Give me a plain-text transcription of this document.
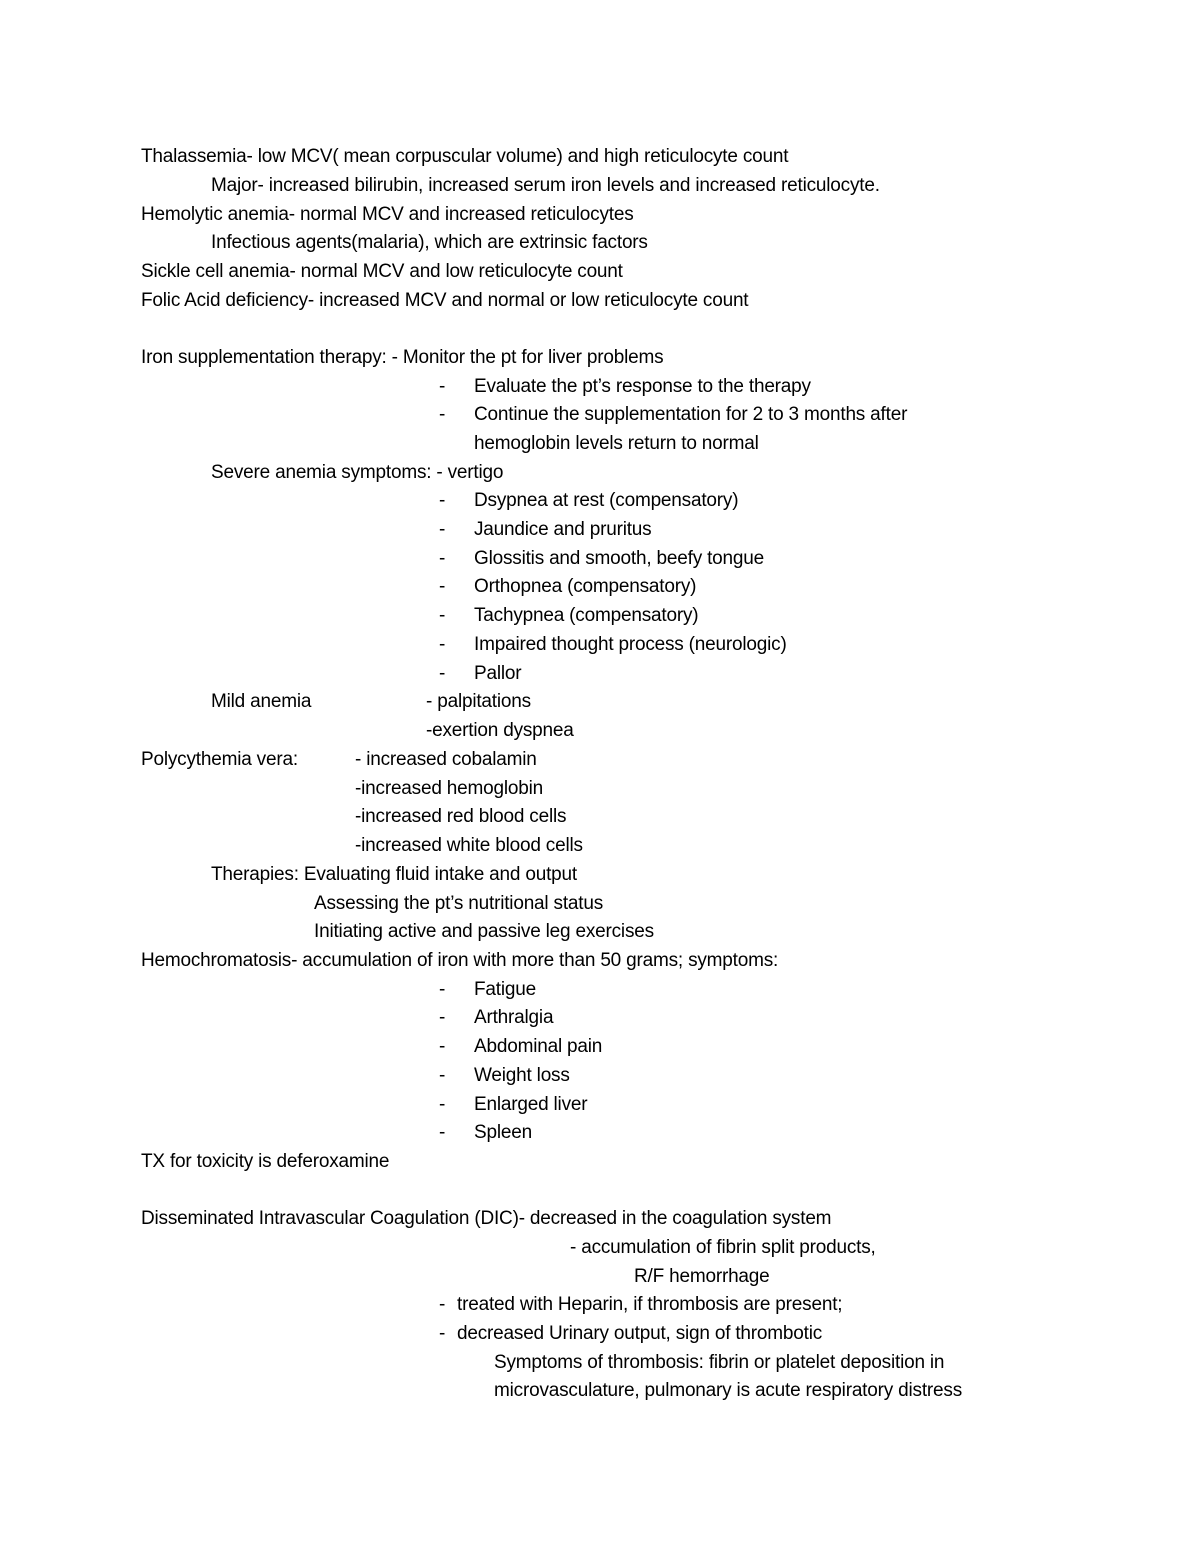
Thalassemia- low MCV( mean corpuscular volume) and high reticulocyte count
Major- increased bilirubin, increased serum iron levels and increased reticulocyte.
Hemolytic anemia- normal MCV and increased reticulocytes
Infectious agents(malaria), which are extrinsic factors
Sickle cell anemia- normal MCV and low reticulocyte count
Folic Acid deficiency- increased MCV and normal or low reticulocyte count
Iron supplementation therapy: - Monitor the pt for liver problems
- Evaluate the pt’s response to the therapy
- Continue the supplementation for 2 to 3 months after
hemoglobin levels return to normal
Severe anemia symptoms: - vertigo
- Dsypnea at rest (compensatory)
- Jaundice and pruritus
- Glossitis and smooth, beefy tongue
- Orthopnea (compensatory)
- Tachypnea (compensatory)
- Impaired thought process (neurologic)
- Pallor
Mild anemia	- palpitations
-exertion dyspnea
Polycythemia vera:	- increased cobalamin
-increased hemoglobin
-increased red blood cells
-increased white blood cells
Therapies: Evaluating fluid intake and output
Assessing the pt’s nutritional status
Initiating active and passive leg exercises
Hemochromatosis- accumulation of iron with more than 50 grams; symptoms:
- Fatigue
- Arthralgia
- Abdominal pain
- Weight loss
- Enlarged liver
- Spleen
TX for toxicity is deferoxamine
Disseminated Intravascular Coagulation (DIC)- decreased in the coagulation system
- accumulation of fibrin split products,
R/F hemorrhage
- treated with Heparin, if thrombosis are present;
- decreased Urinary output, sign of thrombotic
Symptoms of thrombosis: fibrin or platelet deposition in
microvasculature, pulmonary is acute respiratory distress
